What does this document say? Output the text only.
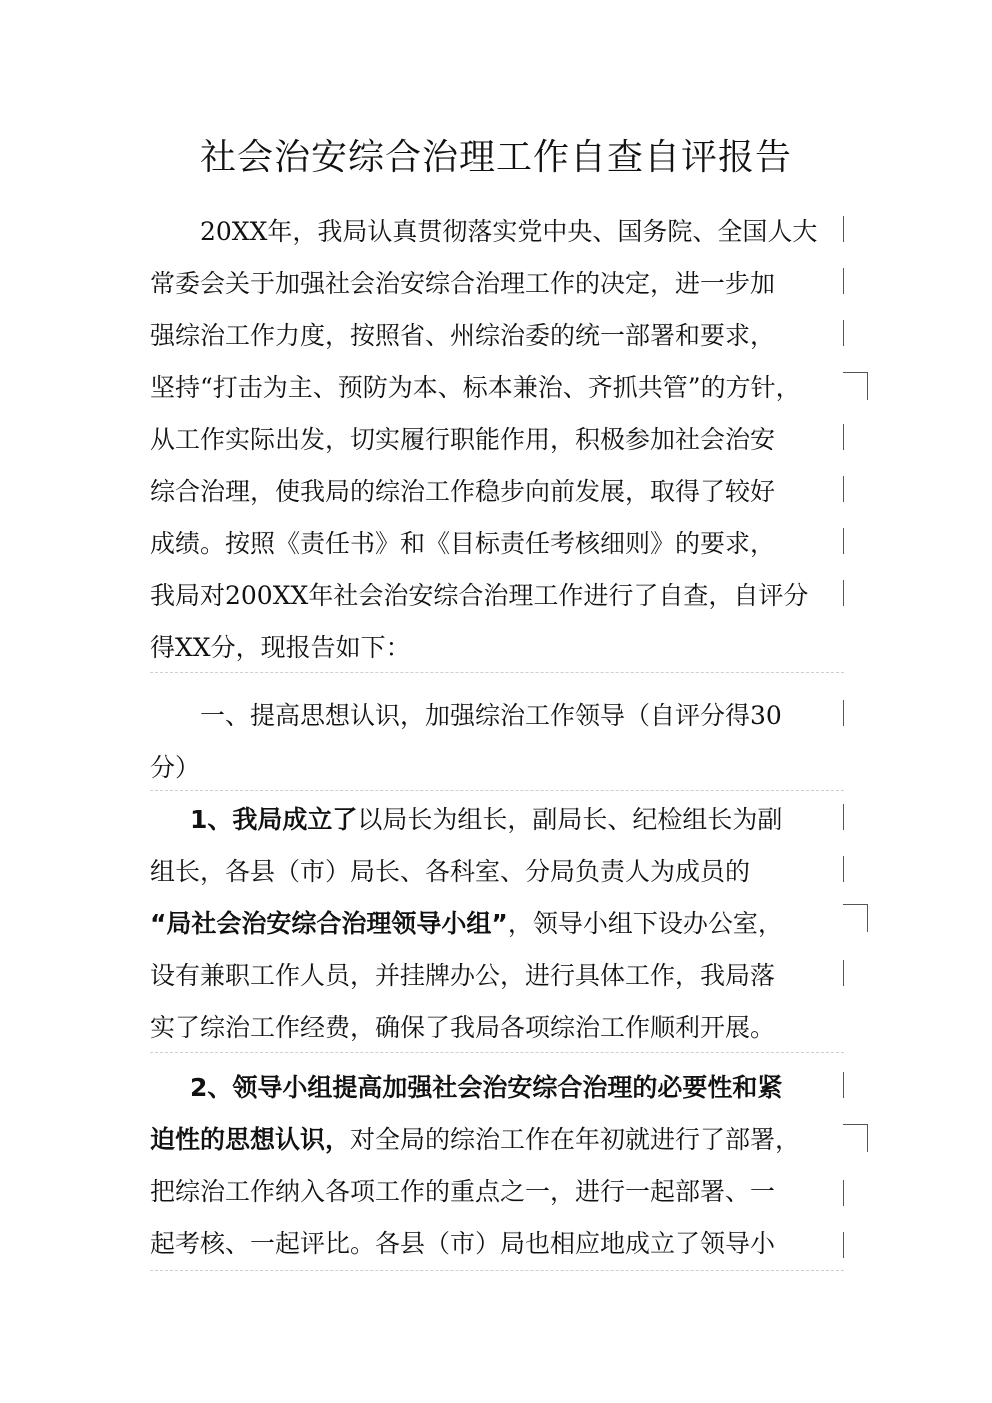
社会治安综合治理工作自查自评报告
20XX年，我局认真贯彻落实党中央、国务院、全国人大
常委会关于加强社会治安综合治理工作的决定，进一步加
强综治工作力度，按照省、州综治委的统一部署和要求，
坚持“打击为主、预防为本、标本兼治、齐抓共管”的方针，
从工作实际出发，切实履行职能作用，积极参加社会治安
综合治理，使我局的综治工作稳步向前发展，取得了较好
成绩。按照《责任书》和《目标责任考核细则》的要求，
我局对200XX年社会治安综合治理工作进行了自查，自评分
得XX分，现报告如下：
一、提高思想认识，加强综治工作领导（自评分得30
分）
1、我局成立了以局长为组长，副局长、纪检组长为副
组长，各县（市）局长、各科室、分局负责人为成员的
“局社会治安综合治理领导小组”，领导小组下设办公室，
设有兼职工作人员，并挂牌办公，进行具体工作，我局落
实了综治工作经费，确保了我局各项综治工作顺利开展。
2、领导小组提高加强社会治安综合治理的必要性和紧
迫性的思想认识，对全局的综治工作在年初就进行了部署，
把综治工作纳入各项工作的重点之一，进行一起部署、一
起考核、一起评比。各县（市）局也相应地成立了领导小
